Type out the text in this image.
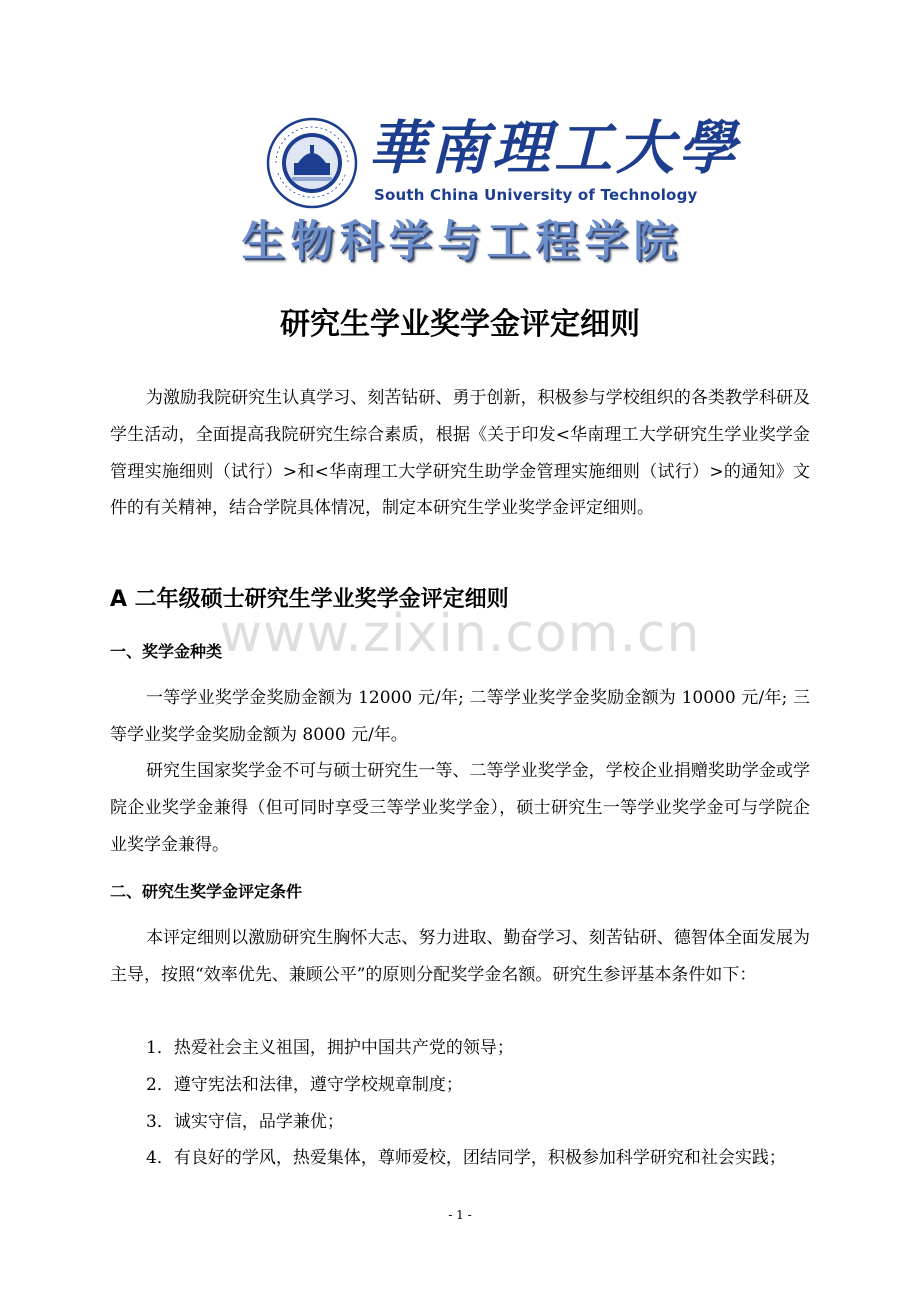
華南理工大學
South China University of Technology
生物科学与工程学院
研究生学业奖学金评定细则

为激励我院研究生认真学习、刻苦钻研、勇于创新，积极参与学校组织的各类教学科研及学生活动，全面提高我院研究生综合素质，根据《关于印发<华南理工大学研究生学业奖学金管理实施细则（试行）>和<华南理工大学研究生助学金管理实施细则（试行）>的通知》文件的有关精神，结合学院具体情况，制定本研究生学业奖学金评定细则。

A 二年级硕士研究生学业奖学金评定细则
www.zixin.com.cn
一、奖学金种类

一等学业奖学金奖励金额为 12000 元/年; 二等学业奖学金奖励金额为 10000 元/年; 三等学业奖学金奖励金额为 8000 元/年。

研究生国家奖学金不可与硕士研究生一等、二等学业奖学金，学校企业捐赠奖助学金或学院企业奖学金兼得（但可同时享受三等学业奖学金），硕士研究生一等学业奖学金可与学院企业奖学金兼得。

二、研究生奖学金评定条件

本评定细则以激励研究生胸怀大志、努力进取、勤奋学习、刻苦钻研、德智体全面发展为主导，按照“效率优先、兼顾公平”的原则分配奖学金名额。研究生参评基本条件如下：

1．热爱社会主义祖国，拥护中国共产党的领导；

2．遵守宪法和法律，遵守学校规章制度；

3．诚实守信，品学兼优；

4．有良好的学风，热爱集体，尊师爱校，团结同学，积极参加科学研究和社会实践；

- 1 -
